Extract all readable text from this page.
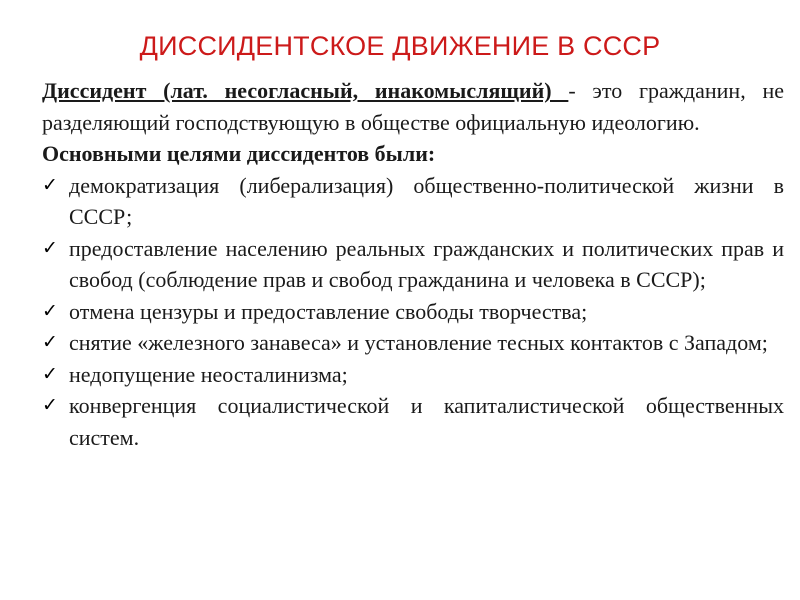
ДИССИДЕНТСКОЕ ДВИЖЕНИЕ В СССР
Диссидент (лат. несогласный, инакомыслящий) - это гражданин, не разделяющий господствующую в обществе официальную идеологию.
Основными целями диссидентов были:
✓ демократизация (либерализация) общественно-политической жизни в СССР;
✓ предоставление населению реальных гражданских и политических прав и свобод (соблюдение прав и свобод гражданина и человека в СССР);
✓ отмена цензуры и предоставление свободы творчества;
✓ снятие «железного занавеса» и установление тесных контактов с Западом;
✓ недопущение неосталинизма;
✓ конвергенция социалистической и капиталистической общественных систем.
